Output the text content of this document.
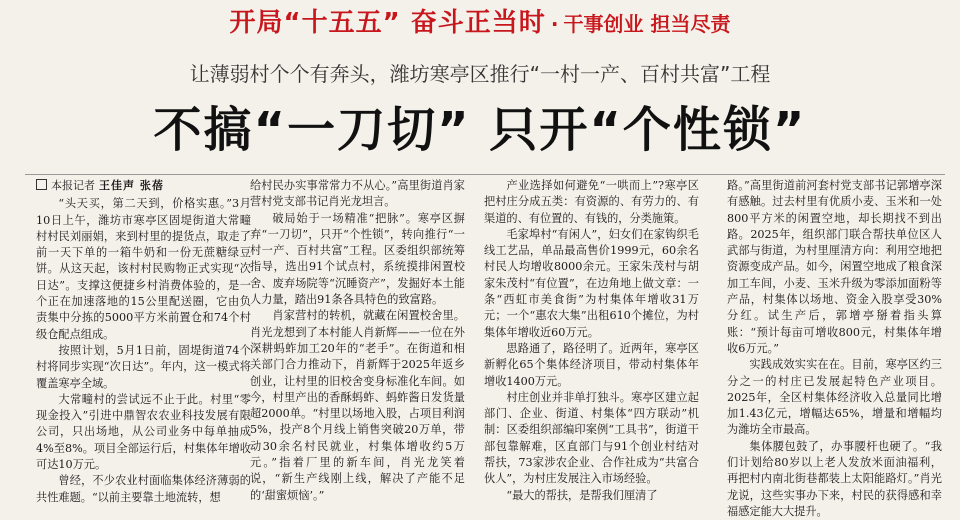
开局“十五五” 奋斗正当时 · 干事创业 担当尽责
让薄弱村个个有奔头，潍坊寒亭区推行“一村一产、百村共富”工程
不搞“一刀切” 只开“个性锁”
本报记者 王佳声 张蓓

“头天买，第二天到，价格实惠。”3月10日上午，潍坊市寒亭区固堤街道大常疃村村民刘丽娟，来到村里的提货点，取走了前一天下单的一箱牛奶和一份无蔗糖绿豆饼。从这天起，该村村民购物正式实现“次日达”。支撑这便捷乡村消费体验的，是一个正在加速落地的15公里配送圈，它由负责集中分拣的5000平方米前置仓和74个村级仓配点组成。

按照计划，5月1日前，固堤街道74个村将同步实现“次日达”。年内，这一模式将覆盖寒亭全域。

大常疃村的尝试远不止于此。村里“零现金投入”引进中鼎智农农业科技发展有限公司，只出场地，从公司业务中每单抽成4%至8%。项目全部运行后，村集体年增收可达10万元。

曾经，不少农业村面临集体经济薄弱的共性难题。“以前主要靠土地流转，想

给村民办实事常常力不从心。”高里街道肖家营村党支部书记肖光龙坦言。

破局始于一场精准“把脉”。寒亭区摒弃“一刀切”，只开“个性锁”，转向推行“一村一产、百村共富”工程。区委组织部统筹指导，选出91个试点村，系统摸排闲置校舍、废弃场院等“沉睡资产”，发掘好本土能人力量，踏出91条各具特色的致富路。

肖家营村的转机，就藏在闲置校舍里。肖光龙想到了本村能人肖新辉——一位在外深耕蚂蚱加工20年的“老手”。在街道和相关部门合力推动下，肖新辉于2025年返乡创业，让村里的旧校舍变身标准化车间。如今，村里产出的香酥蚂蚱、蚂蚱酱日发货量超2000单。“村里以场地入股，占项目利润5%，投产8个月线上销售突破20万单，带动30余名村民就业，村集体增收约5万元。”指着厂里的新车间，肖光龙笑着说，“新生产线刚上线，解决了产能不足的‘甜蜜烦恼’。”

产业选择如何避免“一哄而上”?寒亭区把村庄分成五类：有资源的、有劳力的、有渠道的、有位置的、有钱的，分类施策。

毛家埠村“有闲人”，妇女们在家钩织毛线工艺品，单品最高售价1999元，60余名村民人均增收8000余元。王家朱茂村与胡家朱茂村“有位置”，在边角地上做文章：一条“西虹市美食街”为村集体年增收31万元；一个“惠农大集”出租610个摊位，为村集体年增收近60万元。

思路通了，路径明了。近两年，寒亭区新孵化65个集体经济项目，带动村集体年增收1400万元。

村庄创业并非单打独斗。寒亭区建立起部门、企业、街道、村集体“四方联动”机制：区委组织部编印案例“工具书”，街道干部包靠解难，区直部门与91个创业村结对帮扶，73家涉农企业、合作社成为“共富合伙人”，为村庄发展注入市场经验。

“最大的帮扶，是帮我们厘清了

路。”高里街道前河套村党支部书记郭增亭深有感触。过去村里有优质小麦、玉米和一处800平方米的闲置空地，却长期找不到出路。2025年，组织部门联合帮扶单位区人武部与街道，为村里厘清方向：利用空地把资源变成产品。如今，闲置空地成了粮食深加工车间，小麦、玉米升级为零添加面粉等产品，村集体以场地、资金入股享受30%分红。试生产后，郭增亭掰着指头算账：“预计每亩可增收800元，村集体年增收6万元。”

实践成效实实在在。目前，寒亭区约三分之一的村庄已发展起特色产业项目。2025年，全区村集体经济收入总量同比增加1.43亿元，增幅达65%，增量和增幅均为潍坊全市最高。

集体腰包鼓了，办事腰杆也硬了。“我们计划给80岁以上老人发放米面油福利，再把村内南北街巷都装上太阳能路灯。”肖光龙说，这些实事办下来，村民的获得感和幸福感定能大大提升。
